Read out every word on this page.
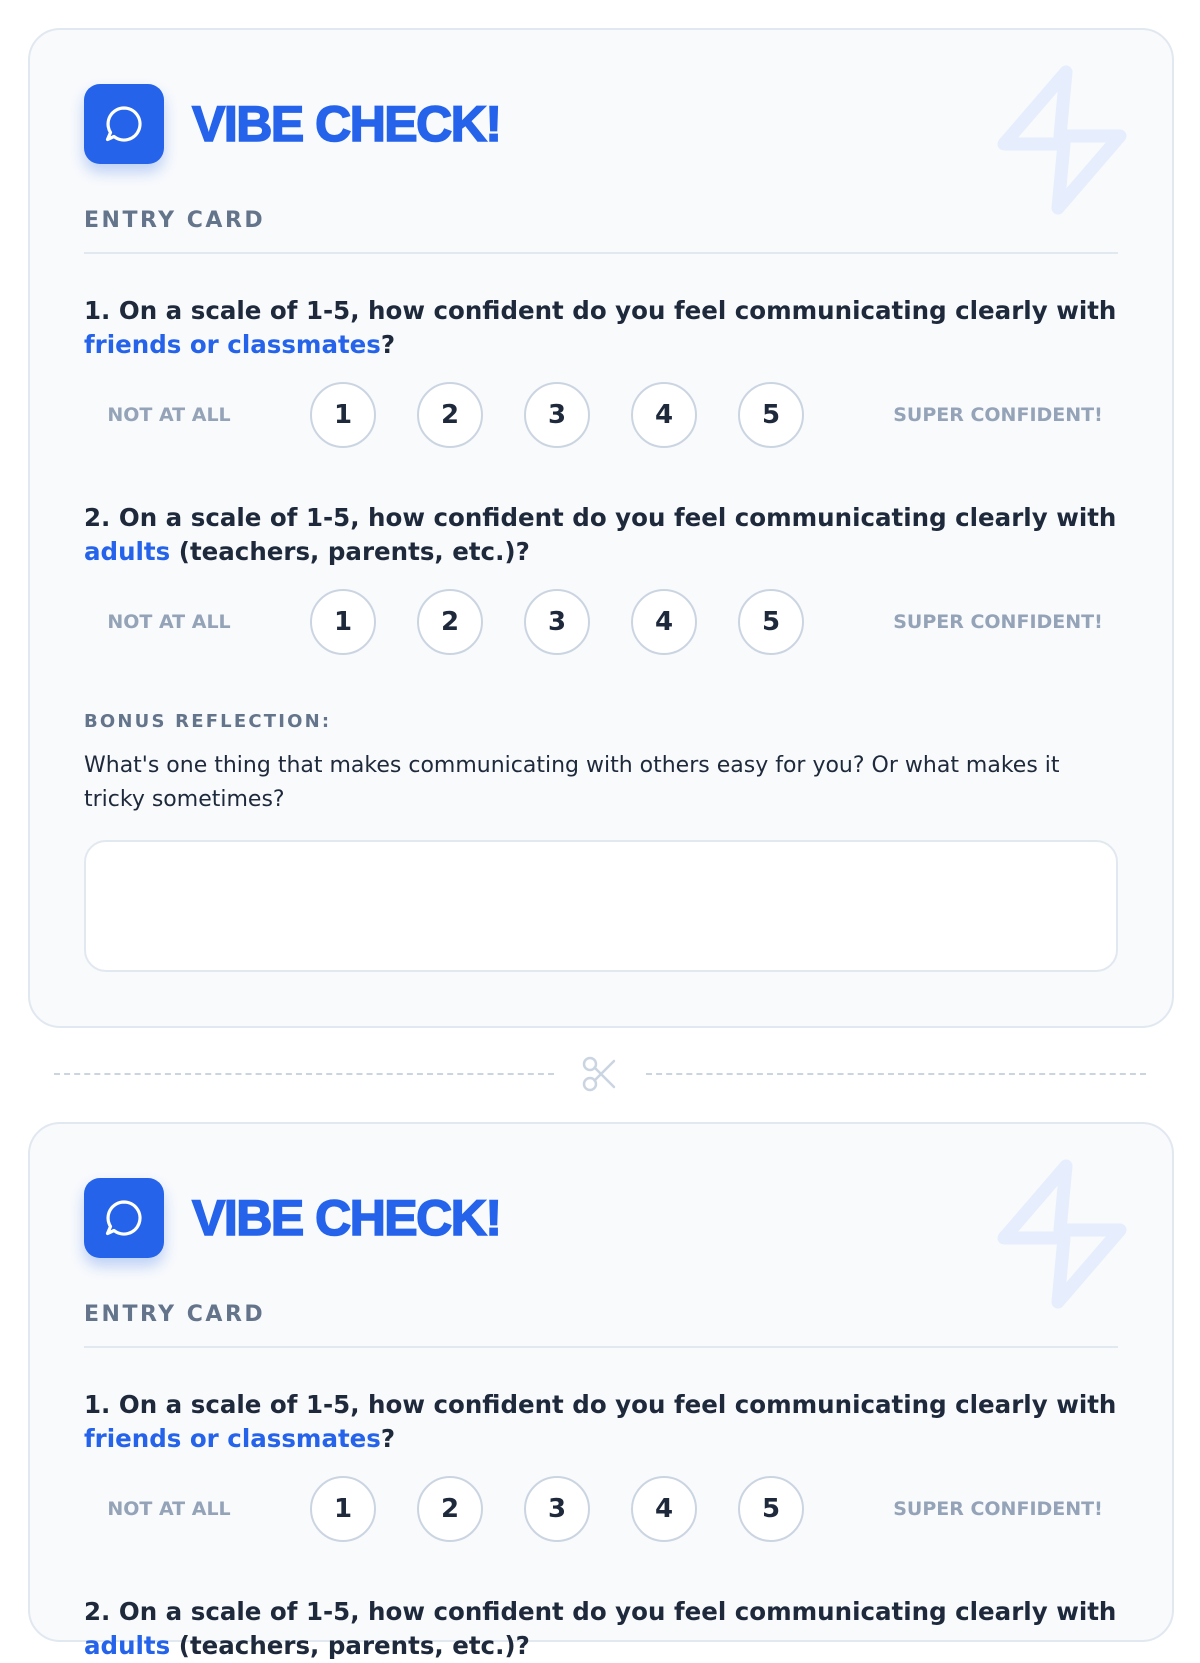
VIBE CHECK!
ENTRY CARD
1. On a scale of 1-5, how confident do you feel communicating clearly with friends or classmates?
NOT AT ALL	1	2	3	4	5	SUPER CONFIDENT!
2. On a scale of 1-5, how confident do you feel communicating clearly with adults (teachers, parents, etc.)?
NOT AT ALL	1	2	3	4	5	SUPER CONFIDENT!
BONUS REFLECTION:
What's one thing that makes communicating with others easy for you? Or what makes it tricky sometimes?
VIBE CHECK!
ENTRY CARD
1. On a scale of 1-5, how confident do you feel communicating clearly with friends or classmates?
NOT AT ALL	1	2	3	4	5	SUPER CONFIDENT!
2. On a scale of 1-5, how confident do you feel communicating clearly with adults (teachers, parents, etc.)?
